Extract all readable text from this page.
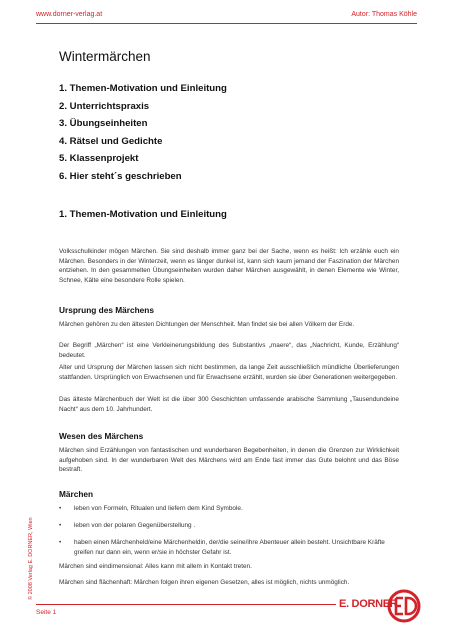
www.dorner-verlag.at	Autor: Thomas Köhle
© 2008 Verlag E. DORNER, Wien
Wintermärchen
1. Themen-Motivation und Einleitung
2. Unterrichtspraxis
3. Übungseinheiten
4. Rätsel und Gedichte
5. Klassenprojekt
6. Hier steht´s geschrieben
1. Themen-Motivation und Einleitung

Volksschulkinder mögen Märchen. Sie sind deshalb immer ganz bei der Sache, wenn es heißt: Ich erzähle euch ein Märchen. Besonders in der Winterzeit, wenn es länger dunkel ist, kann sich kaum jemand der Faszination der Märchen entziehen. In den gesammelten Übungseinheiten wurden daher Märchen ausgewählt, in denen Elemente wie Winter, Schnee, Kälte eine besondere Rolle spielen.

Ursprung des Märchens

Märchen gehören zu den ältesten Dichtungen der Menschheit. Man findet sie bei allen Völkern der Erde.

Der Begriff „Märchen“ ist eine Verkleinerungsbildung des Substantivs „maere“, das „Nachricht, Kunde, Erzählung“ bedeutet.

Alter und Ursprung der Märchen lassen sich nicht bestimmen, da lange Zeit ausschließlich mündliche Überlieferungen stattfanden. Ursprünglich von Erwachsenen und für Erwachsene erzählt, wurden sie über Generationen weitergegeben.

Das älteste Märchenbuch der Welt ist die über 300 Geschichten umfassende arabische Sammlung „Tausendundeine Nacht“ aus dem 10. Jahrhundert.

Wesen des Märchens

Märchen sind Erzählungen von fantastischen und wunderbaren Begebenheiten, in denen die Grenzen zur Wirklichkeit aufgehoben sind. In der wunderbaren Welt des Märchens wird am Ende fast immer das Gute belohnt und das Böse bestraft.

Märchen
• leben von Formeln, Ritualen und liefern dem Kind Symbole.
• leben von der polaren Gegenüberstellung .
• haben einen Märchenheld/eine Märchenheldin, der/die seine/ihre Abenteuer allein besteht. Unsichtbare Kräfte greifen nur dann ein, wenn er/sie in höchster Gefahr ist.

Märchen sind eindimensional: Alles kann mit allem in Kontakt treten.

Märchen sind flächenhaft: Märchen folgen ihren eigenen Gesetzen, alles ist möglich, nichts unmöglich.

Seite 1
E. DORNER
